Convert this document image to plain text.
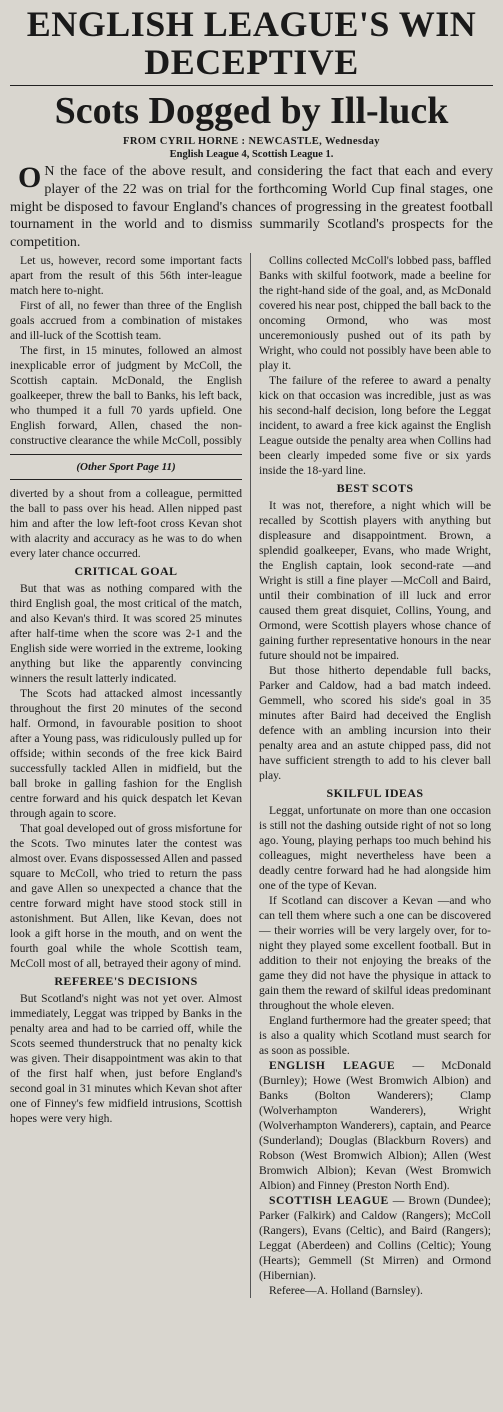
ENGLISH LEAGUE'S WIN
DECEPTIVE
Scots Dogged by Ill-luck
FROM CYRIL HORNE : NEWCASTLE, Wednesday
English League 4, Scottish League 1.

O N the face of the above result, and considering the fact that each and every player of the 22 was on trial for the forthcoming World Cup final stages, one might be disposed to favour England's chances of progressing in the greatest football tournament in the world and to dismiss summarily Scotland's prospects for the competition.

Let us, however, record some important facts apart from the result of this 56th inter-league match here to-night.

First of all, no fewer than three of the English goals accrued from a combination of mistakes and ill-luck of the Scottish team.

The first, in 15 minutes, followed an almost inexplicable error of judgment by McColl, the Scottish captain. McDonald, the English goalkeeper, threw the ball to Banks, his left back, who thumped it a full 70 yards upfield. One English forward, Allen, chased the non-constructive clearance the while McColl, possibly

(Other Sport Page 11)

diverted by a shout from a colleague, permitted the ball to pass over his head. Allen nipped past him and after the low left-foot cross Kevan shot with alacrity and accuracy as he was to do when every later chance occurred.

CRITICAL GOAL

But that was as nothing compared with the third English goal, the most critical of the match, and also Kevan's third. It was scored 25 minutes after half-time when the score was 2-1 and the English side were worried in the extreme, looking anything but like the apparently convincing winners the result latterly indicated.

The Scots had attacked almost incessantly throughout the first 20 minutes of the second half. Ormond, in favourable position to shoot after a Young pass, was ridiculously pulled up for offside; within seconds of the free kick Baird successfully tackled Allen in midfield, but the ball broke in galling fashion for the English centre forward and his quick despatch let Kevan through again to score.

That goal developed out of gross misfortune for the Scots. Two minutes later the contest was almost over. Evans dispossessed Allen and passed square to McColl, who tried to return the pass and gave Allen so unexpected a chance that the centre forward might have stood stock still in astonishment. But Allen, like Kevan, does not look a gift horse in the mouth, and on went the fourth goal while the whole Scottish team, McColl most of all, betrayed their agony of mind.

REFEREE'S DECISIONS

But Scotland's night was not yet over. Almost immediately, Leggat was tripped by Banks in the penalty area and had to be carried off, while the Scots seemed thunderstruck that no penalty kick was given. Their disappointment was akin to that of the first half when, just before England's second goal in 31 minutes which Kevan shot after one of Finney's few midfield intrusions, Scottish hopes were very high.

Collins collected McColl's lobbed pass, baffled Banks with skilful footwork, made a beeline for the right-hand side of the goal, and, as McDonald covered his near post, chipped the ball back to the oncoming Ormond, who was most unceremoniously pushed out of its path by Wright, who could not possibly have been able to play it.

The failure of the referee to award a penalty kick on that occasion was incredible, just as was his second-half decision, long before the Leggat incident, to award a free kick against the English League outside the penalty area when Collins had been clearly impeded some five or six yards inside the 18-yard line.

BEST SCOTS

It was not, therefore, a night which will be recalled by Scottish players with anything but displeasure and disappointment. Brown, a splendid goalkeeper, Evans, who made Wright, the English captain, look second-rate —and Wright is still a fine player —McColl and Baird, until their combination of ill luck and error caused them great disquiet, Collins, Young, and Ormond, were Scottish players whose chance of gaining further representative honours in the near future should not be impaired.

But those hitherto dependable full backs, Parker and Caldow, had a bad match indeed. Gemmell, who scored his side's goal in 35 minutes after Baird had deceived the English defence with an ambling incursion into their penalty area and an astute chipped pass, did not have sufficient strength to add to his clever ball play.

SKILFUL IDEAS

Leggat, unfortunate on more than one occasion is still not the dashing outside right of not so long ago. Young, playing perhaps too much behind his colleagues, might nevertheless have been a deadly centre forward had he had alongside him one of the type of Kevan.

If Scotland can discover a Kevan —and who can tell them where such a one can be discovered— their worries will be very largely over, for to-night they played some excellent football. But in addition to their not enjoying the breaks of the game they did not have the physique in attack to gain them the reward of skilful ideas predominant throughout the whole eleven.

England furthermore had the greater speed; that is also a quality which Scotland must search for as soon as possible.

ENGLISH LEAGUE — McDonald (Burnley); Howe (West Bromwich Albion) and Banks (Bolton Wanderers); Clamp (Wolverhampton Wanderers), Wright (Wolverhampton Wanderers), captain, and Pearce (Sunderland); Douglas (Blackburn Rovers) and Robson (West Bromwich Albion); Allen (West Bromwich Albion); Kevan (West Bromwich Albion) and Finney (Preston North End).

SCOTTISH LEAGUE — Brown (Dundee); Parker (Falkirk) and Caldow (Rangers); McColl (Rangers), Evans (Celtic), and Baird (Rangers); Leggat (Aberdeen) and Collins (Celtic); Young (Hearts); Gemmell (St Mirren) and Ormond (Hibernian).

Referee—A. Holland (Barnsley).
